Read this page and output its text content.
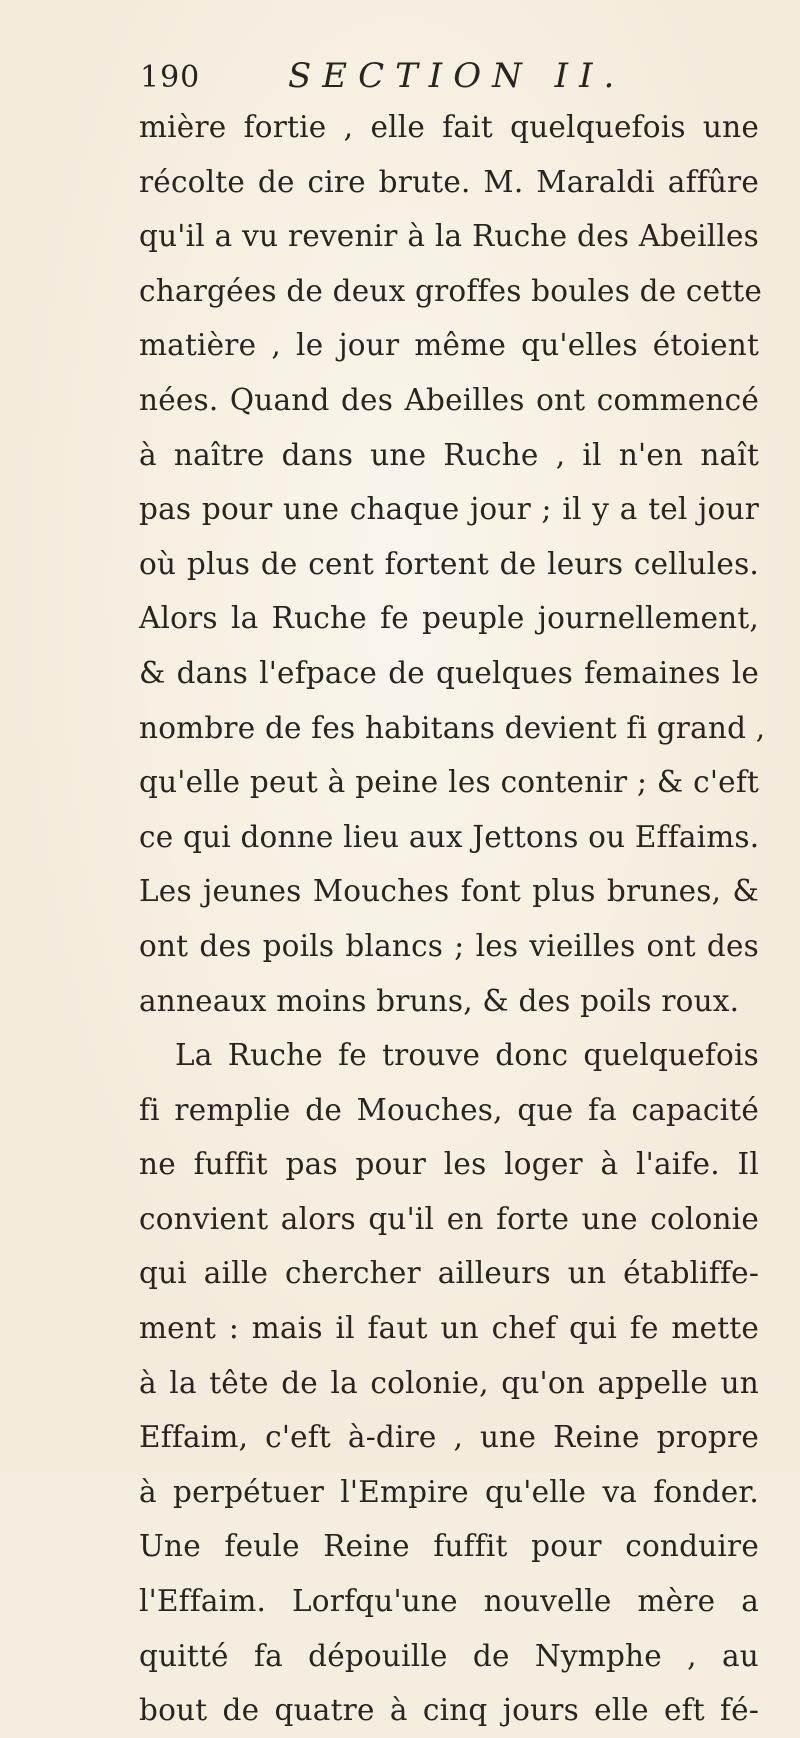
190	SECTION II.
mière fortie , elle fait quelquefois une
récolte de cire brute. M. Maraldi affûre
qu'il a vu revenir à la Ruche des Abeilles
chargées de deux groffes boules de cette
matière , le jour même qu'elles étoient
nées. Quand des Abeilles ont commencé
à naître dans une Ruche , il n'en naît
pas pour une chaque jour ; il y a tel jour
où plus de cent fortent de leurs cellules.
Alors la Ruche fe peuple journellement,
& dans l'efpace de quelques femaines le
nombre de fes habitans devient fi grand ,
qu'elle peut à peine les contenir ; & c'eft
ce qui donne lieu aux Jettons ou Effaims.
Les jeunes Mouches font plus brunes, &
ont des poils blancs ; les vieilles ont des
anneaux moins bruns, & des poils roux.
La Ruche fe trouve donc quelquefois
fi remplie de Mouches, que fa capacité
ne fuffit pas pour les loger à l'aife. Il
convient alors qu'il en forte une colonie
qui aille chercher ailleurs un établiffe-
ment : mais il faut un chef qui fe mette
à la tête de la colonie, qu'on appelle un
Effaim, c'eft à-dire , une Reine propre
à perpétuer l'Empire qu'elle va fonder.
Une feule Reine fuffit pour conduire
l'Effaim. Lorfqu'une nouvelle mère a
quitté fa dépouille de Nymphe , au
bout de quatre à cinq jours elle eft fé-
